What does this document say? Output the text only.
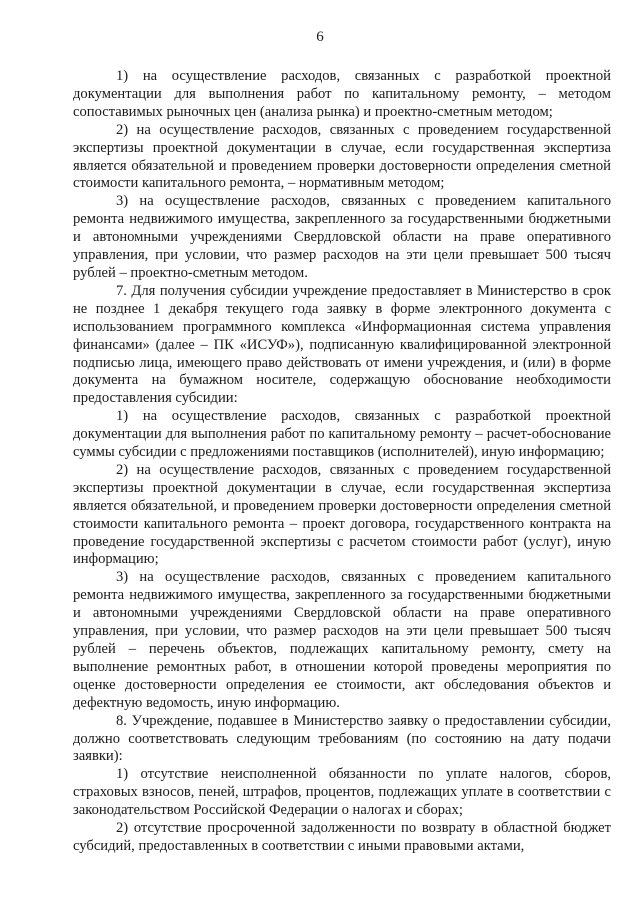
6

1) на осуществление расходов, связанных с разработкой проектной документации для выполнения работ по капитальному ремонту, – методом сопоставимых рыночных цен (анализа рынка) и проектно-сметным методом;

2) на осуществление расходов, связанных с проведением государственной экспертизы проектной документации в случае, если государственная экспертиза является обязательной и проведением проверки достоверности определения сметной стоимости капитального ремонта, – нормативным методом;

3) на осуществление расходов, связанных с проведением капитального ремонта недвижимого имущества, закрепленного за государственными бюджетными и автономными учреждениями Свердловской области на праве оперативного управления, при условии, что размер расходов на эти цели превышает 500 тысяч рублей – проектно-сметным методом.

7. Для получения субсидии учреждение предоставляет в Министерство в срок не позднее 1 декабря текущего года заявку в форме электронного документа с использованием программного комплекса «Информационная система управления финансами» (далее – ПК «ИСУФ»), подписанную квалифицированной электронной подписью лица, имеющего право действовать от имени учреждения, и (или) в форме документа на бумажном носителе, содержащую обоснование необходимости предоставления субсидии:

1) на осуществление расходов, связанных с разработкой проектной документации для выполнения работ по капитальному ремонту – расчет-обоснование суммы субсидии с предложениями поставщиков (исполнителей), иную информацию;

2) на осуществление расходов, связанных с проведением государственной экспертизы проектной документации в случае, если государственная экспертиза является обязательной, и проведением проверки достоверности определения сметной стоимости капитального ремонта – проект договора, государственного контракта на проведение государственной экспертизы с расчетом стоимости работ (услуг), иную информацию;

3) на осуществление расходов, связанных с проведением капитального ремонта недвижимого имущества, закрепленного за государственными бюджетными и автономными учреждениями Свердловской области на праве оперативного управления, при условии, что размер расходов на эти цели превышает 500 тысяч рублей – перечень объектов, подлежащих капитальному ремонту, смету на выполнение ремонтных работ, в отношении которой проведены мероприятия по оценке достоверности определения ее стоимости, акт обследования объектов и дефектную ведомость, иную информацию.

8. Учреждение, подавшее в Министерство заявку о предоставлении субсидии, должно соответствовать следующим требованиям (по состоянию на дату подачи заявки):

1) отсутствие неисполненной обязанности по уплате налогов, сборов, страховых взносов, пеней, штрафов, процентов, подлежащих уплате в соответствии с законодательством Российской Федерации о налогах и сборах;

2) отсутствие просроченной задолженности по возврату в областной бюджет субсидий, предоставленных в соответствии с иными правовыми актами,
